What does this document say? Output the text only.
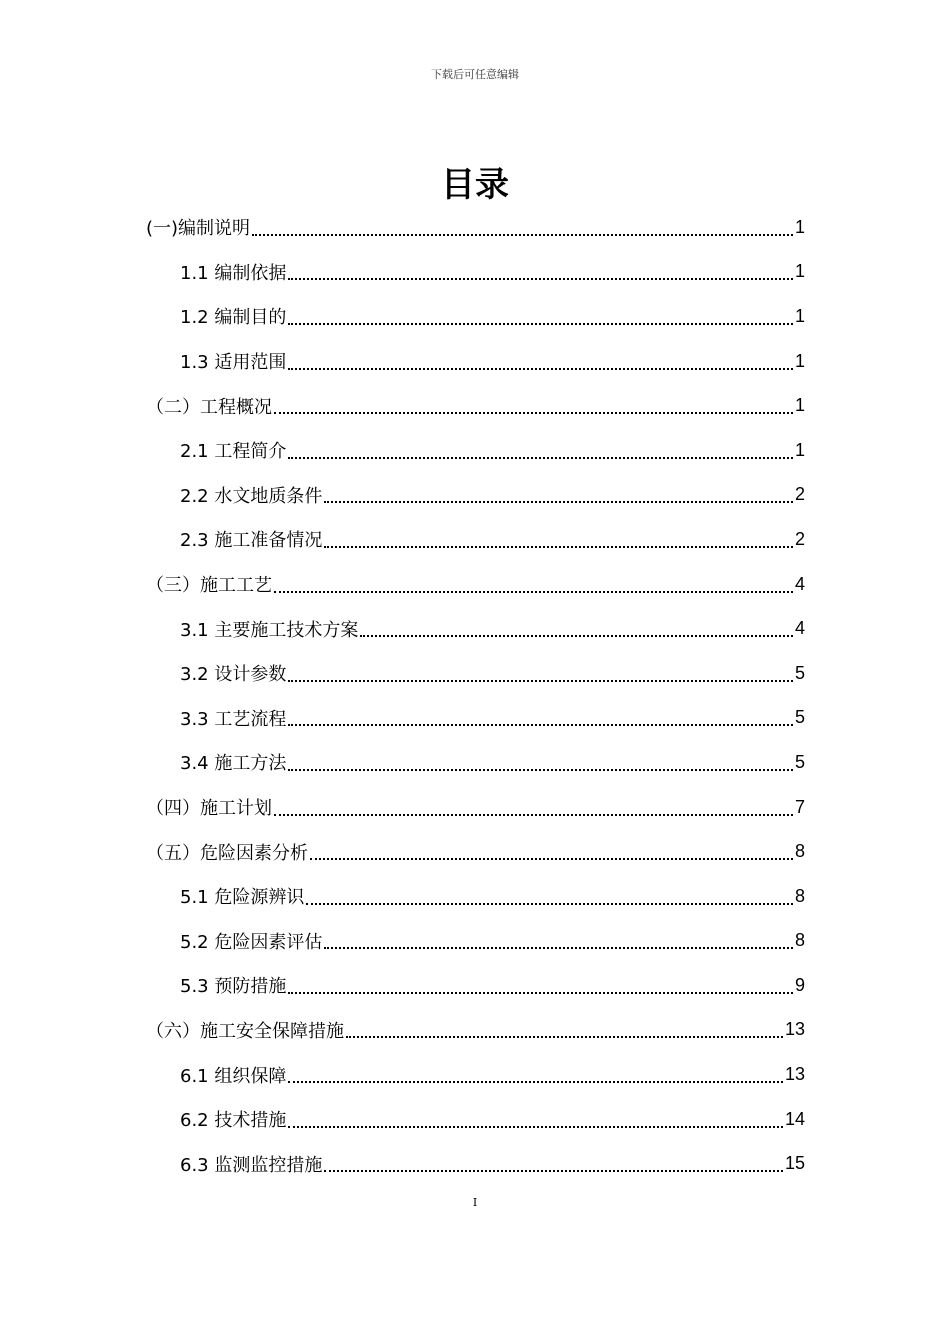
下载后可任意编辑
目录
(一)编制说明	1
1.1 编制依据	1
1.2 编制目的	1
1.3 适用范围	1
（二）工程概况	1
2.1 工程简介	1
2.2 水文地质条件	2
2.3 施工准备情况	2
（三）施工工艺	4
3.1 主要施工技术方案	4
3.2 设计参数	5
3.3 工艺流程	5
3.4 施工方法	5
（四）施工计划	7
（五）危险因素分析	8
5.1 危险源辨识	8
5.2 危险因素评估	8
5.3 预防措施	9
（六）施工安全保障措施	13
6.1 组织保障	13
6.2 技术措施	14
6.3 监测监控措施	15
I
